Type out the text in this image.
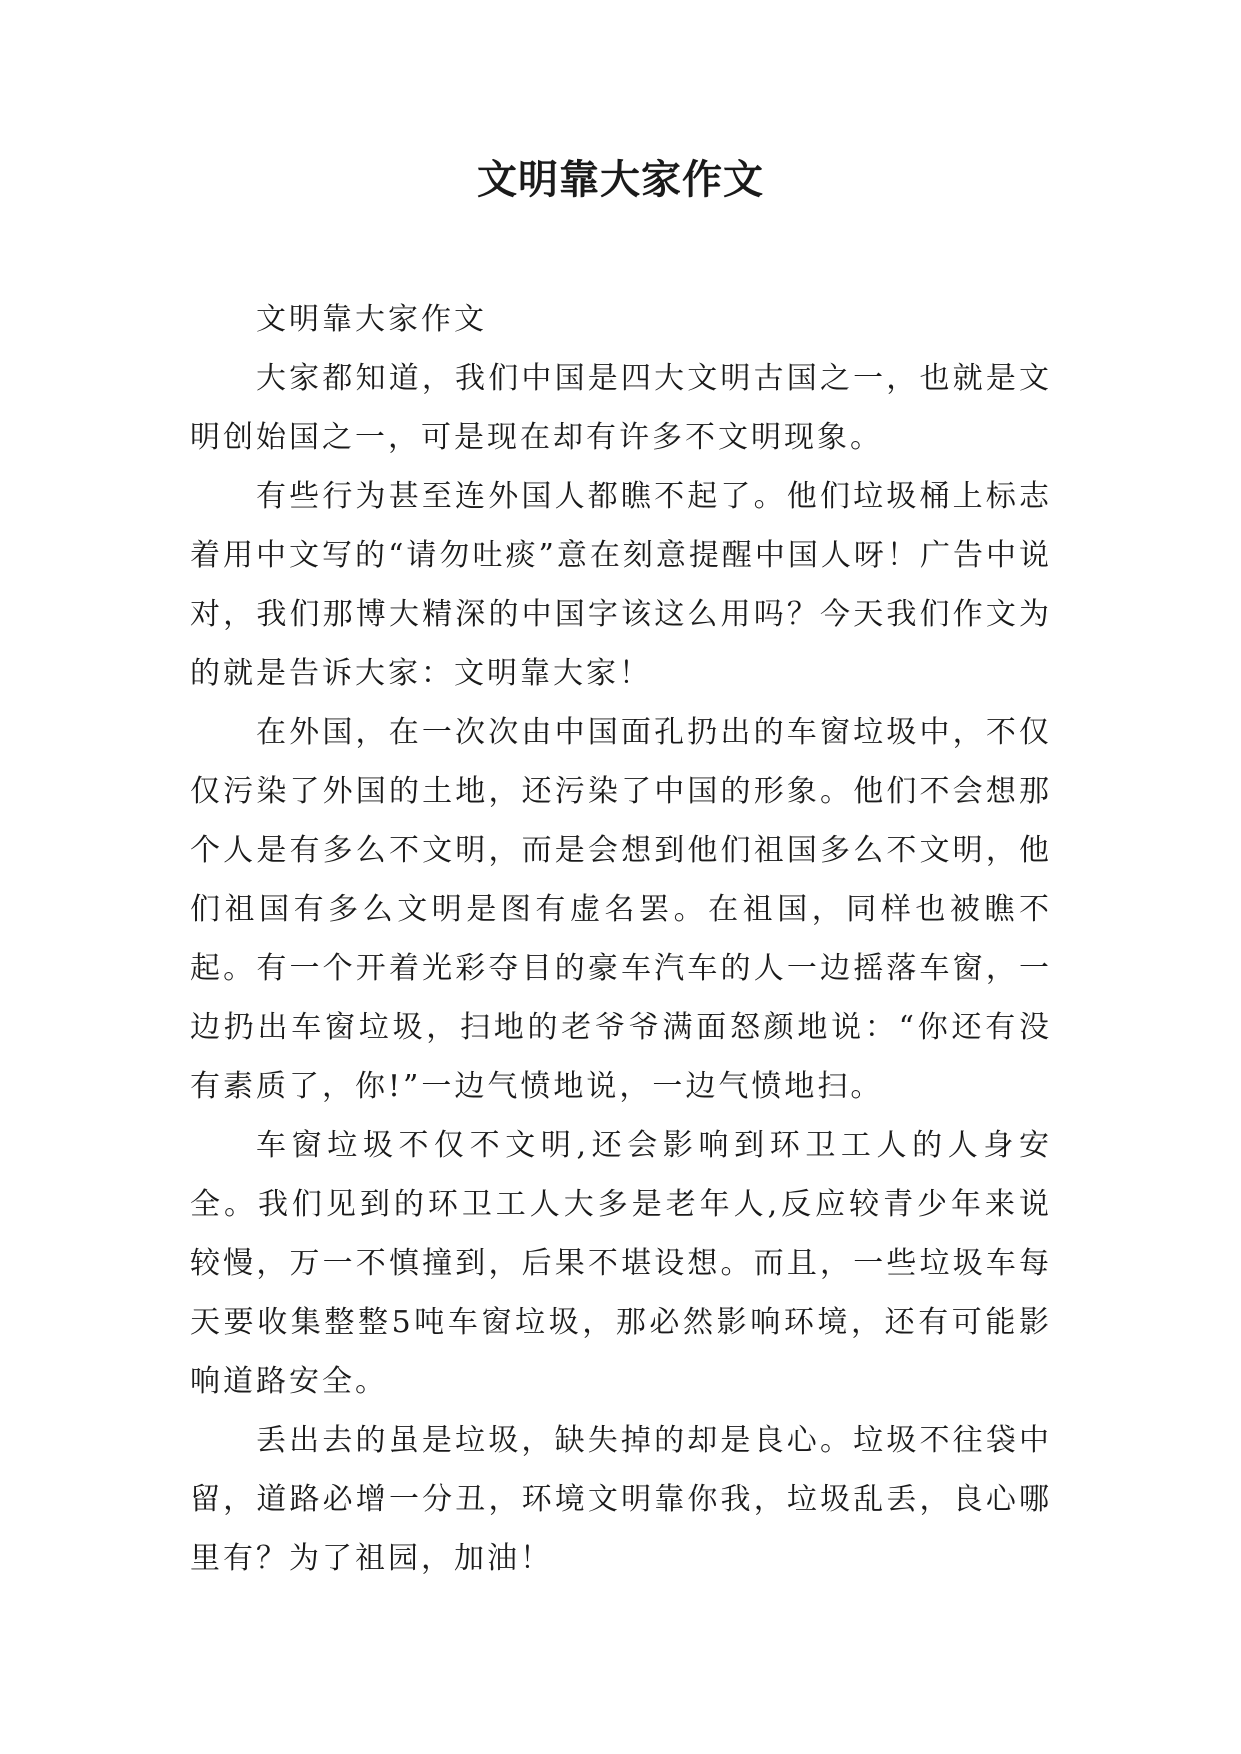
文明靠大家作文

文明靠大家作文

大家都知道，我们中国是四大文明古国之一，也就是文明创始国之一，可是现在却有许多不文明现象。

有些行为甚至连外国人都瞧不起了。他们垃圾桶上标志着用中文写的“请勿吐痰”意在刻意提醒中国人呀！广告中说对，我们那博大精深的中国字该这么用吗？今天我们作文为的就是告诉大家：文明靠大家！

在外国，在一次次由中国面孔扔出的车窗垃圾中，不仅仅污染了外国的土地，还污染了中国的形象。他们不会想那个人是有多么不文明，而是会想到他们祖国多么不文明，他们祖国有多么文明是图有虚名罢。在祖国，同样也被瞧不起。有一个开着光彩夺目的豪车汽车的人一边摇落车窗，一边扔出车窗垃圾，扫地的老爷爷满面怒颜地说：“你还有没有素质了，你!”一边气愤地说，一边气愤地扫。

车窗垃圾不仅不文明,还会影响到环卫工人的人身安全。我们见到的环卫工人大多是老年人,反应较青少年来说较慢，万一不慎撞到，后果不堪设想。而且，一些垃圾车每天要收集整整5吨车窗垃圾，那必然影响环境，还有可能影响道路安全。

丢出去的虽是垃圾，缺失掉的却是良心。垃圾不往袋中留，道路必增一分丑，环境文明靠你我，垃圾乱丢，良心哪里有？为了祖园，加油！
